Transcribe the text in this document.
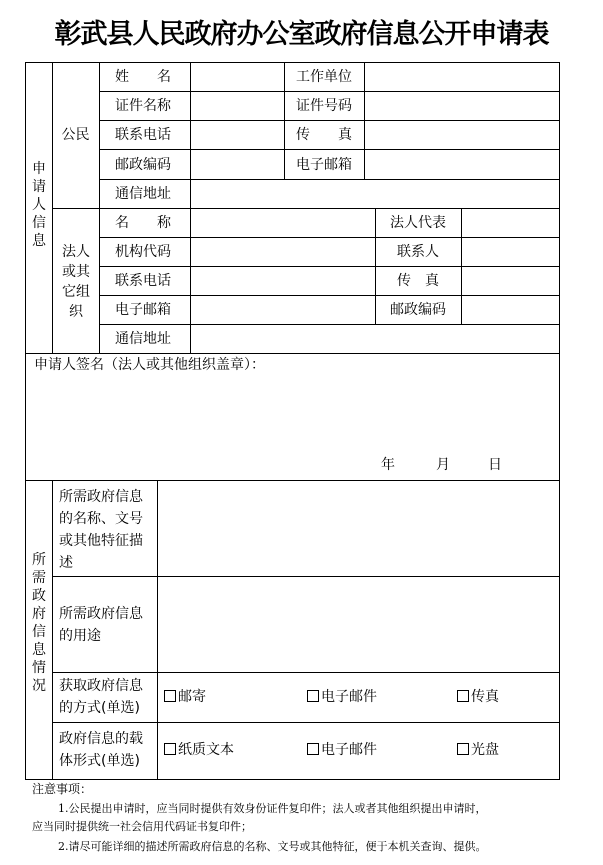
彰武县人民政府办公室政府信息公开申请表
申请人信息
公民
姓　　名	工作单位
证件名称	证件号码
联系电话	传　　真
邮政编码	电子邮箱
通信地址
法人或其它组织
名　　称	法人代表
机构代码	联系人
联系电话	传　真
电子邮箱	邮政编码
通信地址
申请人签名（法人或其他组织盖章）：
年	月	日
所需政府信息情况
所需政府信息的名称、文号或其他特征描述
所需政府信息的用途
获取政府信息的方式(单选)
邮寄	电子邮件	传真
政府信息的载体形式(单选)
纸质文本	电子邮件	光盘
注意事项：
1.公民提出申请时，应当同时提供有效身份证件复印件；法人或者其他组织提出申请时，
应当同时提供统一社会信用代码证书复印件；
2.请尽可能详细的描述所需政府信息的名称、文号或其他特征，便于本机关查询、提供。
